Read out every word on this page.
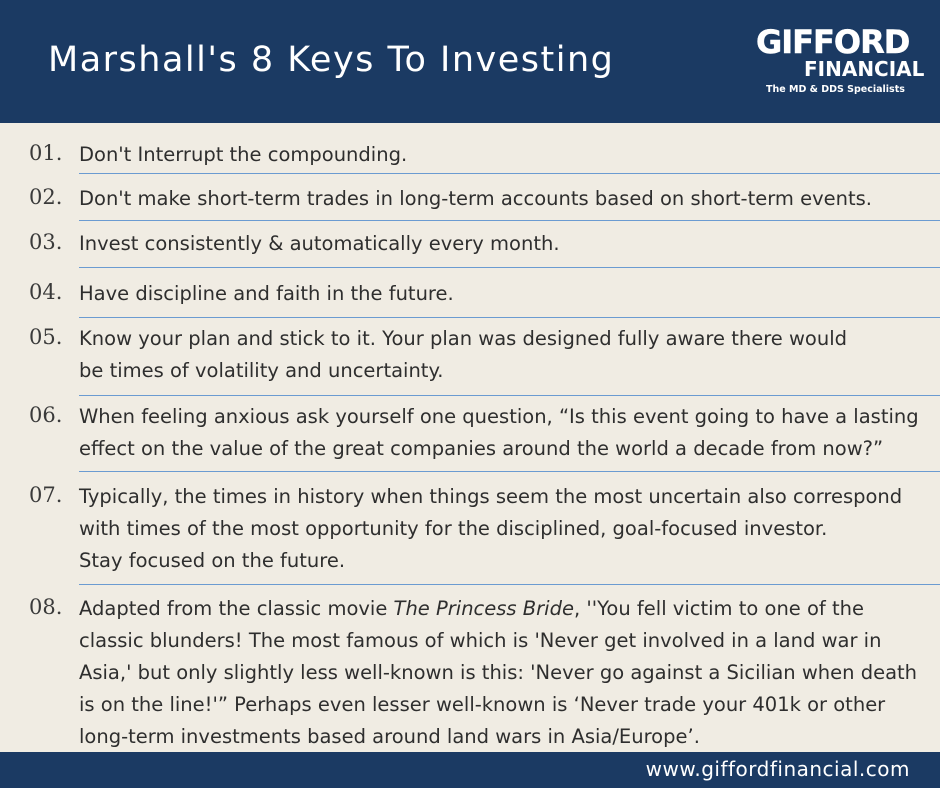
Marshall's 8 Keys To Investing	GIFFORD
FINANCIAL
The MD & DDS Specialists
01. Don't Interrupt the compounding.
02. Don't make short-term trades in long-term accounts based on short-term events.
03. Invest consistently & automatically every month.
04. Have discipline and faith in the future.
05. Know your plan and stick to it. Your plan was designed fully aware there would
be times of volatility and uncertainty.
06. When feeling anxious ask yourself one question, “Is this event going to have a lasting
effect on the value of the great companies around the world a decade from now?”
07. Typically, the times in history when things seem the most uncertain also correspond
with times of the most opportunity for the disciplined, goal-focused investor.
Stay focused on the future.
08. Adapted from the classic movie The Princess Bride, ''You fell victim to one of the
classic blunders! The most famous of which is 'Never get involved in a land war in
Asia,' but only slightly less well-known is this: 'Never go against a Sicilian when death
is on the line!'” Perhaps even lesser well-known is ‘Never trade your 401k or other
long-term investments based around land wars in Asia/Europe’.
www.giffordfinancial.com
